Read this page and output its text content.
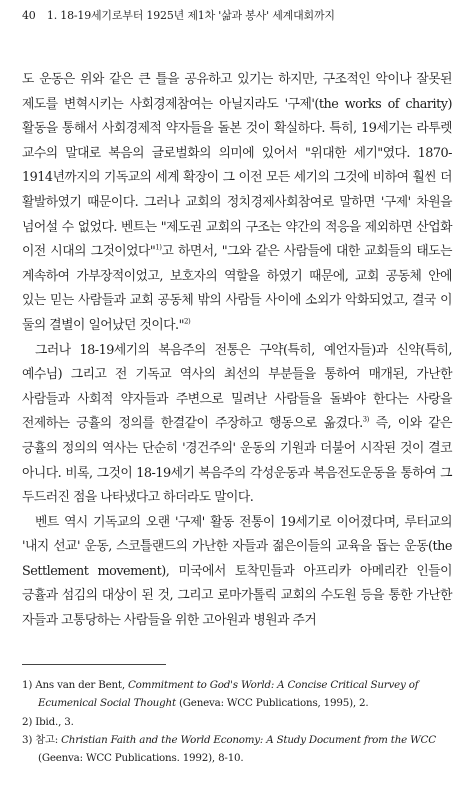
40 1. 18-19세기로부터 1925년 제1차 '삶과 봉사' 세계대회까지

도 운동은 위와 같은 큰 틀을 공유하고 있기는 하지만, 구조적인 악이나 잘못된 제도를 변혁시키는 사회경제참여는 아닐지라도 '구제'(the works of charity) 활동을 통해서 사회경제적 약자들을 돌본 것이 확실하다. 특히, 19세기는 라투렛 교수의 말대로 복음의 글로벌화의 의미에 있어서 "위대한 세기"였다. 1870-1914년까지의 기독교의 세계 확장이 그 이전 모든 세기의 그것에 비하여 훨씬 더 활발하였기 때문이다. 그러나 교회의 정치경제사회참여로 말하면 '구제' 차원을 넘어설 수 없었다. 벤트는 "제도권 교회의 구조는 약간의 적응을 제외하면 산업화 이전 시대의 그것이었다"$^{1)}$고 하면서, "그와 같은 사람들에 대한 교회들의 태도는 계속하여 가부장적이었고, 보호자의 역할을 하였기 때문에, 교회 공동체 안에 있는 믿는 사람들과 교회 공동체 밖의 사람들 사이에 소외가 악화되었고, 결국 이 둘의 결별이 일어났던 것이다."$^{2)}$

그러나 18-19세기의 복음주의 전통은 구약(특히, 예언자들)과 신약(특히, 예수님) 그리고 전 기독교 역사의 최선의 부분들을 통하여 매개된, 가난한 사람들과 사회적 약자들과 주변으로 밀려난 사람들을 돌봐야 한다는 사랑을 전제하는 긍휼의 정의를 한결같이 주장하고 행동으로 옮겼다.$^{3)}$ 즉, 이와 같은 긍휼의 정의의 역사는 단순히 '경건주의' 운동의 기원과 더불어 시작된 것이 결코 아니다. 비록, 그것이 18-19세기 복음주의 각성운동과 복음전도운동을 통하여 그 두드러진 점을 나타냈다고 하더라도 말이다.

벤트 역시 기독교의 오랜 '구제' 활동 전통이 19세기로 이어졌다며, 루터교의 '내지 선교' 운동, 스코틀랜드의 가난한 자들과 젊은이들의 교육을 돕는 운동(the Settlement movement), 미국에서 토착민들과 아프리카 아메리칸 인들이 긍휼과 섬김의 대상이 된 것, 그리고 로마가톨릭 교회의 수도원 등을 통한 가난한 자들과 고통당하는 사람들을 위한 고아원과 병원과 주거

1) Ans van der Bent, Commitment to God's World: A Concise Critical Survey of Ecumenical Social Thought (Geneva: WCC Publications, 1995), 2.

2) Ibid., 3.

3) 참고: Christian Faith and the World Economy: A Study Document from the WCC (Geenva: WCC Publications. 1992), 8-10.
